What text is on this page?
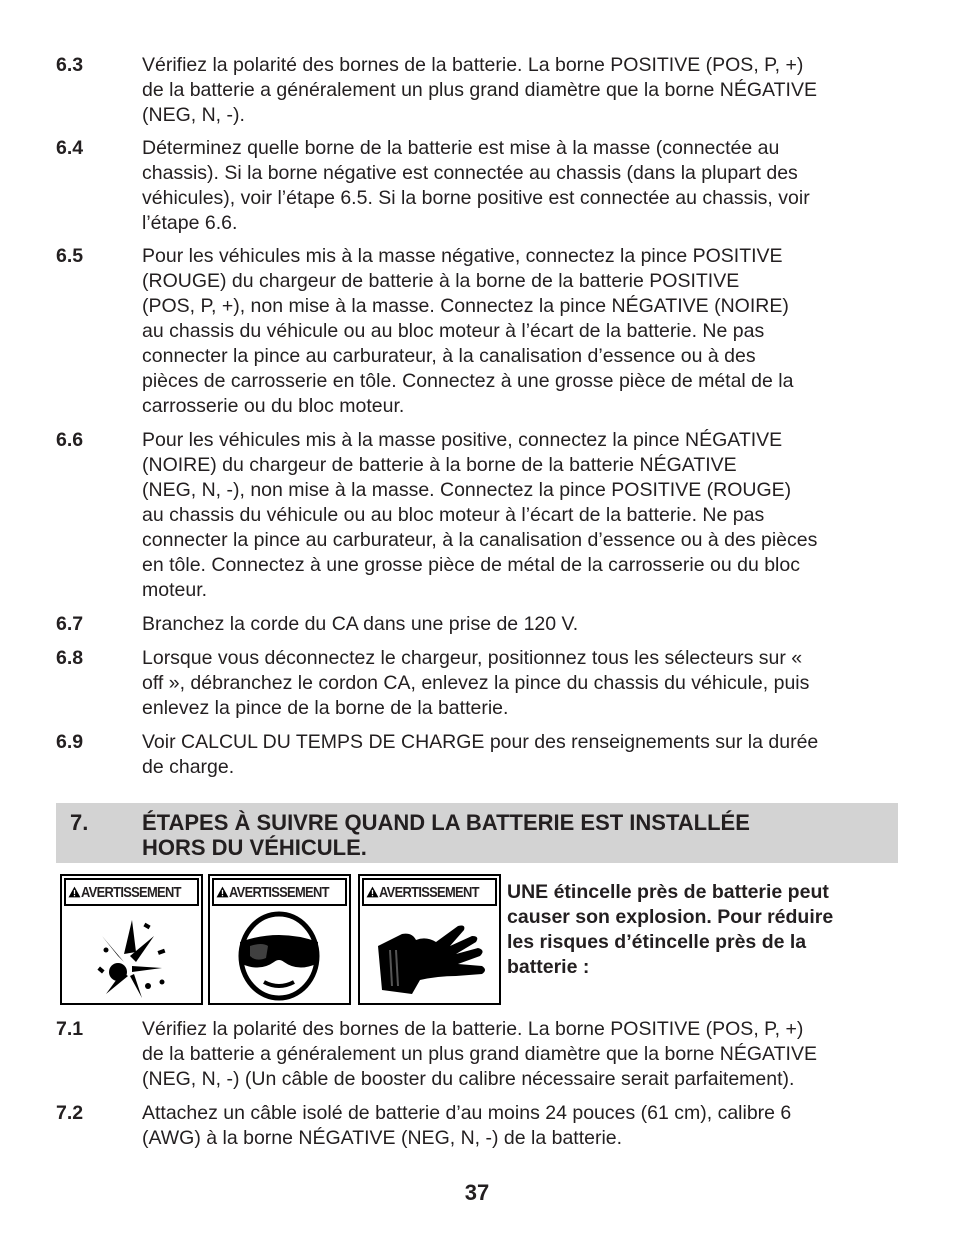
6.3	Vérifiez la polarité des bornes de la batterie. La borne POSITIVE (POS, P, +)
de la batterie a généralement un plus grand diamètre que la borne NÉGATIVE
(NEG, N, -).
6.4	Déterminez quelle borne de la batterie est mise à la masse (connectée au
chassis). Si la borne négative est connectée au chassis (dans la plupart des
véhicules), voir l’étape 6.5. Si la borne positive est connectée au chassis, voir
l’étape 6.6.
6.5	Pour les véhicules mis à la masse négative, connectez la pince POSITIVE
(ROUGE) du chargeur de batterie à la borne de la batterie POSITIVE
(POS, P, +), non mise à la masse. Connectez la pince NÉGATIVE (NOIRE)
au chassis du véhicule ou au bloc moteur à l’écart de la batterie. Ne pas
connecter la pince au carburateur, à la canalisation d’essence ou à des
pièces de carrosserie en tôle. Connectez à une grosse pièce de métal de la
carrosserie ou du bloc moteur.
6.6	Pour les véhicules mis à la masse positive, connectez la pince NÉGATIVE
(NOIRE) du chargeur de batterie à la borne de la batterie NÉGATIVE
(NEG, N, -), non mise à la masse. Connectez la pince POSITIVE (ROUGE)
au chassis du véhicule ou au bloc moteur à l’écart de la batterie. Ne pas
connecter la pince au carburateur, à la canalisation d’essence ou à des pièces
en tôle. Connectez à une grosse pièce de métal de la carrosserie ou du bloc
moteur.
6.7	Branchez la corde du CA dans une prise de 120 V.
6.8	Lorsque vous déconnectez le chargeur, positionnez tous les sélecteurs sur «
off », débranchez le cordon CA, enlevez la pince du chassis du véhicule, puis
enlevez la pince de la borne de la batterie.
6.9	Voir CALCUL DU TEMPS DE CHARGE pour des renseignements sur la durée
de charge.
7.	ÉTAPES À SUIVRE QUAND LA BATTERIE EST INSTALLÉE
HORS DU VÉHICULE.
AVERTISSEMENT	AVERTISSEMENT	AVERTISSEMENT UNE étincelle près de batterie peut
causer son explosion. Pour réduire
les risques d’étincelle près de la
batterie :
7.1	Vérifiez la polarité des bornes de la batterie. La borne POSITIVE (POS, P, +)
de la batterie a généralement un plus grand diamètre que la borne NÉGATIVE
(NEG, N, -) (Un câble de booster du calibre nécessaire serait parfaitement).
7.2	Attachez un câble isolé de batterie d’au moins 24 pouces (61 cm), calibre 6
(AWG) à la borne NÉGATIVE (NEG, N, -) de la batterie.
37
